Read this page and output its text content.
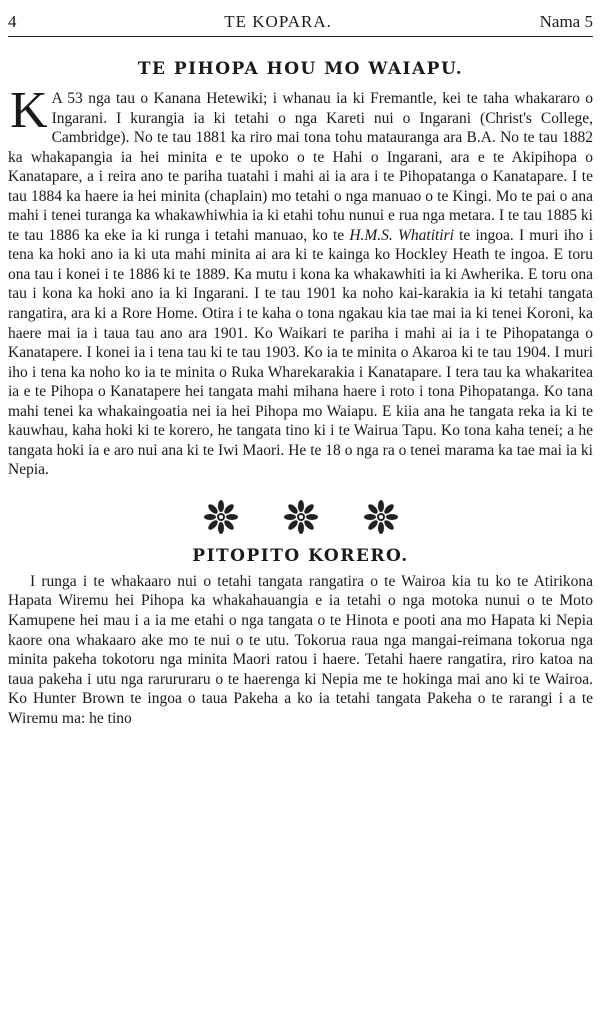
4	TE KOPARA.	Nama 5
TE PIHOPA HOU MO WAIAPU.

K A 53 nga tau o Kanana Hetewiki; i whanau ia ki Fremantle, kei te taha whakararo o Ingarani. I kurangia ia ki tetahi o nga Kareti nui o Ingarani (Christ's College, Cambridge). No te tau 1881 ka riro mai tona tohu matauranga ara B.A. No te tau 1882 ka whakapangia ia hei minita e te upoko o te Hahi o Ingarani, ara e te Akipihopa o Kanatapare, a i reira ano te pariha tuatahi i mahi ai ia ara i te Pihopatanga o Kanatapare. I te tau 1884 ka haere ia hei minita (chaplain) mo tetahi o nga manuao o te Kingi. Mo te pai o ana mahi i tenei turanga ka whakawhiwhia ia ki etahi tohu nunui e rua nga metara. I te tau 1885 ki te tau 1886 ka eke ia ki runga i tetahi manuao, ko te H.M.S. Whatitiri te ingoa. I muri iho i tena ka hoki ano ia ki uta mahi minita ai ara ki te kainga ko Hockley Heath te ingoa. E toru ona tau i konei i te 1886 ki te 1889. Ka mutu i kona ka whakawhiti ia ki Awherika. E toru ona tau i kona ka hoki ano ia ki Ingarani. I te tau 1901 ka noho kai-karakia ia ki tetahi tangata rangatira, ara ki a Rore Home. Otira i te kaha o tona ngakau kia tae mai ia ki tenei Koroni, ka haere mai ia i taua tau ano ara 1901. Ko Waikari te pariha i mahi ai ia i te Pihopatanga o Kanatapere. I konei ia i tena tau ki te tau 1903. Ko ia te minita o Akaroa ki te tau 1904. I muri iho i tena ka noho ko ia te minita o Ruka Wharekarakia i Kanatapare. I tera tau ka whakaritea ia e te Pihopa o Kanatapere hei tangata mahi mihana haere i roto i tona Pihopatanga. Ko tana mahi tenei ka whakaingoatia nei ia hei Pihopa mo Waiapu. E kiia ana he tangata reka ia ki te kauwhau, kaha hoki ki te korero, he tangata tino ki i te Wairua Tapu. Ko tona kaha tenei; a he tangata hoki ia e aro nui ana ki te Iwi Maori. He te 18 o nga ra o tenei marama ka tae mai ia ki Nepia.

PITOPITO KORERO.

I runga i te whakaaro nui o tetahi tangata rangatira o te Wairoa kia tu ko te Atirikona Hapata Wiremu hei Pihopa ka whakahauangia e ia tetahi o nga motoka nunui o te Moto Kamupene hei mau i a ia me etahi o nga tangata o te Hinota e pooti ana mo Hapata ki Nepia kaore ona whakaaro ake mo te nui o te utu. Tokorua raua nga mangai-reimana tokorua nga minita pakeha tokotoru nga minita Maori ratou i haere. Tetahi haere rangatira, riro katoa na taua pakeha i utu nga rarururaru o te haerenga ki Nepia me te hokinga mai ano ki te Wairoa. Ko Hunter Brown te ingoa o taua Pakeha a ko ia tetahi tangata Pakeha o te rarangi i a te Wiremu ma: he tino
